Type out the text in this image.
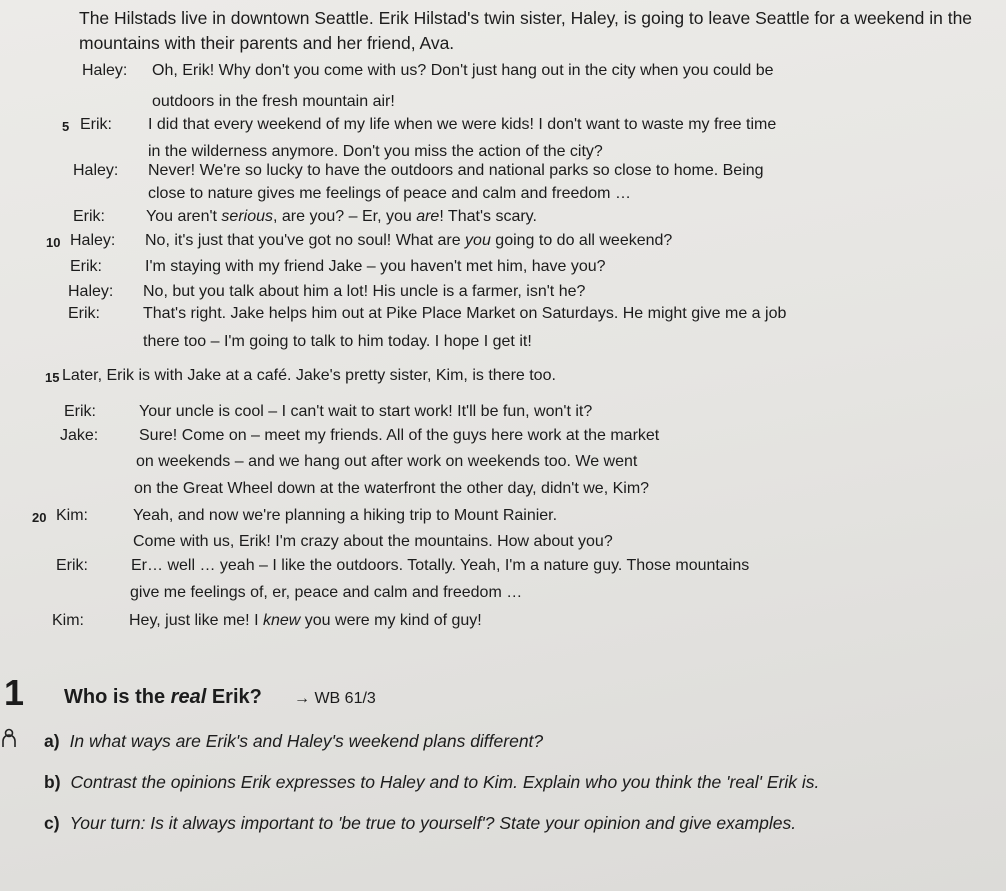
The Hilstads live in downtown Seattle. Erik Hilstad's twin sister, Haley, is going to leave Seattle for a weekend in the mountains with their parents and her friend, Ava.
Haley: Oh, Erik! Why don't you come with us? Don't just hang out in the city when you could be
outdoors in the fresh mountain air!
5 Erik: I did that every weekend of my life when we were kids! I don't want to waste my free time
in the wilderness anymore. Don't you miss the action of the city?
Haley: Never! We're so lucky to have the outdoors and national parks so close to home. Being
close to nature gives me feelings of peace and calm and freedom …
Erik:	You aren't serious, are you? – Er, you are! That's scary.
10 Haley: No, it's just that you've got no soul! What are you going to do all weekend?
Erik:	I'm staying with my friend Jake – you haven't met him, have you?
Haley: No, but you talk about him a lot! His uncle is a farmer, isn't he?
Erik:	That's right. Jake helps him out at Pike Place Market on Saturdays. He might give me a job
there too – I'm going to talk to him today. I hope I get it!
15 Later, Erik is with Jake at a café. Jake's pretty sister, Kim, is there too.
Erik:	Your uncle is cool – I can't wait to start work! It'll be fun, won't it?
Jake:	Sure! Come on – meet my friends. All of the guys here work at the market
on weekends – and we hang out after work on weekends too. We went
on the Great Wheel down at the waterfront the other day, didn't we, Kim?
20 Kim:	Yeah, and now we're planning a hiking trip to Mount Rainier.
Come with us, Erik! I'm crazy about the mountains. How about you?
Erik:	Er… well … yeah – I like the outdoors. Totally. Yeah, I'm a nature guy. Those mountains
give me feelings of, er, peace and calm and freedom …
Kim:	Hey, just like me! I knew you were my kind of guy!
1 Who is the real Erik? → WB 61/3
a) In what ways are Erik's and Haley's weekend plans different?
b) Contrast the opinions Erik expresses to Haley and to Kim. Explain who you think the 'real' Erik is.
c) Your turn: Is it always important to 'be true to yourself'? State your opinion and give examples.
